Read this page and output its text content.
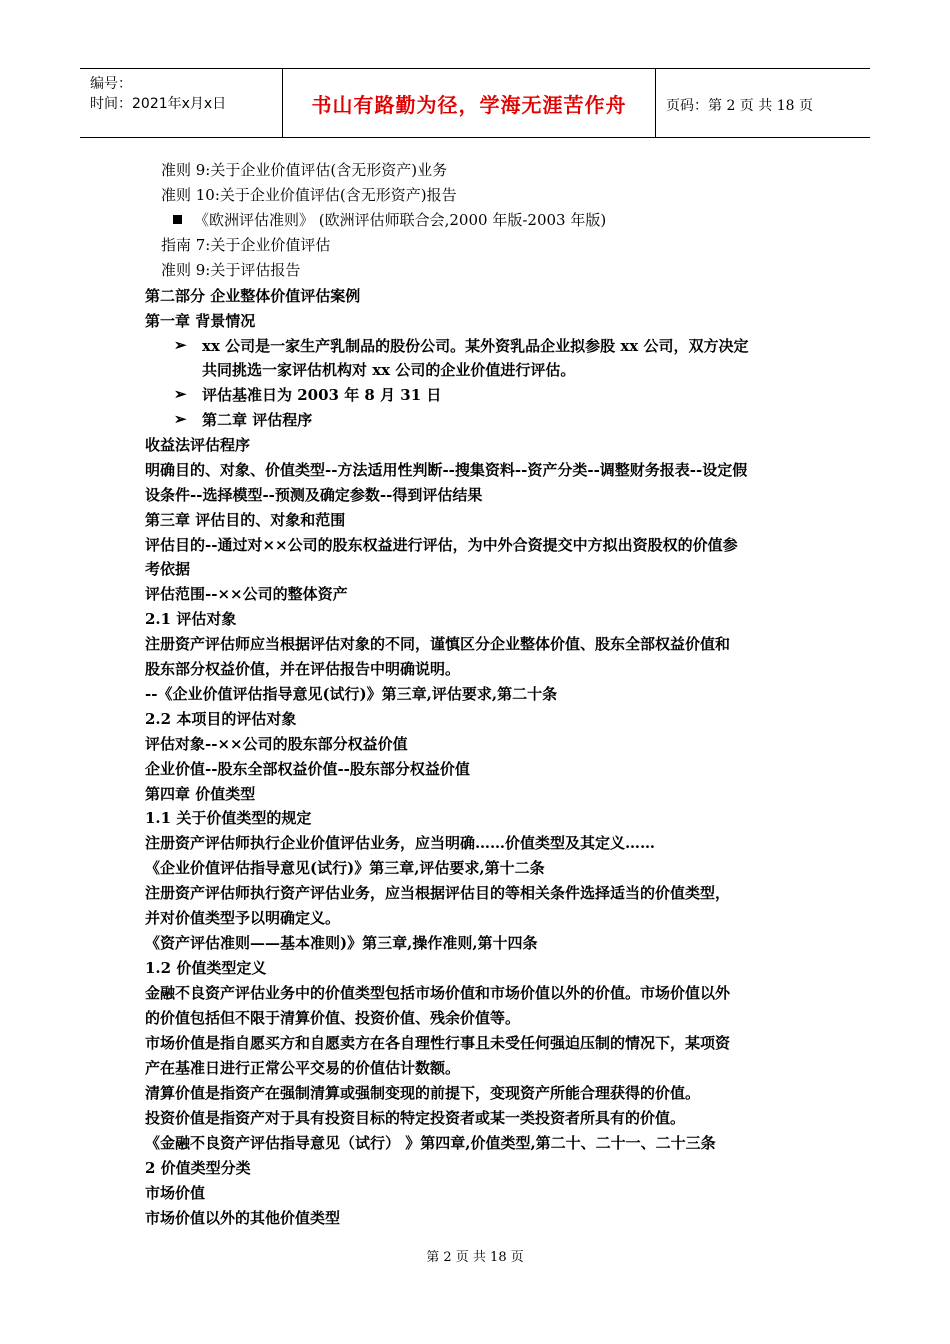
编号：
时间：2021年x月x日	书山有路勤为径，学海无涯苦作舟	页码：第 2 页 共 18 页
准则 9:关于企业价值评估(含无形资产)业务
准则 10:关于企业价值评估(含无形资产)报告
《欧洲评估准则》 (欧洲评估师联合会,2000 年版-2003 年版)
指南 7:关于企业价值评估
准则 9:关于评估报告
第二部分 企业整体价值评估案例
第一章 背景情况
➢ xx 公司是一家生产乳制品的股份公司。某外资乳品企业拟参股 xx 公司，双方决定
共同挑选一家评估机构对 xx 公司的企业价值进行评估。
➢ 评估基准日为 2003 年 8 月 31 日
➢ 第二章 评估程序
收益法评估程序
明确目的、对象、价值类型--方法适用性判断--搜集资料--资产分类--调整财务报表--设定假
设条件--选择模型--预测及确定参数--得到评估结果
第三章 评估目的、对象和范围
评估目的--通过对××公司的股东权益进行评估，为中外合资提交中方拟出资股权的价值参
考依据
评估范围--××公司的整体资产
2.1 评估对象
注册资产评估师应当根据评估对象的不同，谨慎区分企业整体价值、股东全部权益价值和
股东部分权益价值，并在评估报告中明确说明。
--《企业价值评估指导意见(试行)》第三章,评估要求,第二十条
2.2 本项目的评估对象
评估对象--××公司的股东部分权益价值
企业价值--股东全部权益价值--股东部分权益价值
第四章 价值类型
1.1 关于价值类型的规定
注册资产评估师执行企业价值评估业务，应当明确……价值类型及其定义……
《企业价值评估指导意见(试行)》第三章,评估要求,第十二条
注册资产评估师执行资产评估业务，应当根据评估目的等相关条件选择适当的价值类型，
并对价值类型予以明确定义。
《资产评估准则——基本准则)》第三章,操作准则,第十四条
1.2 价值类型定义
金融不良资产评估业务中的价值类型包括市场价值和市场价值以外的价值。市场价值以外
的价值包括但不限于清算价值、投资价值、残余价值等。
市场价值是指自愿买方和自愿卖方在各自理性行事且未受任何强迫压制的情况下，某项资
产在基准日进行正常公平交易的价值估计数额。
清算价值是指资产在强制清算或强制变现的前提下，变现资产所能合理获得的价值。
投资价值是指资产对于具有投资目标的特定投资者或某一类投资者所具有的价值。
《金融不良资产评估指导意见（试行） 》第四章,价值类型,第二十、二十一、二十三条
2 价值类型分类
市场价值
市场价值以外的其他价值类型
第 2 页 共 18 页
